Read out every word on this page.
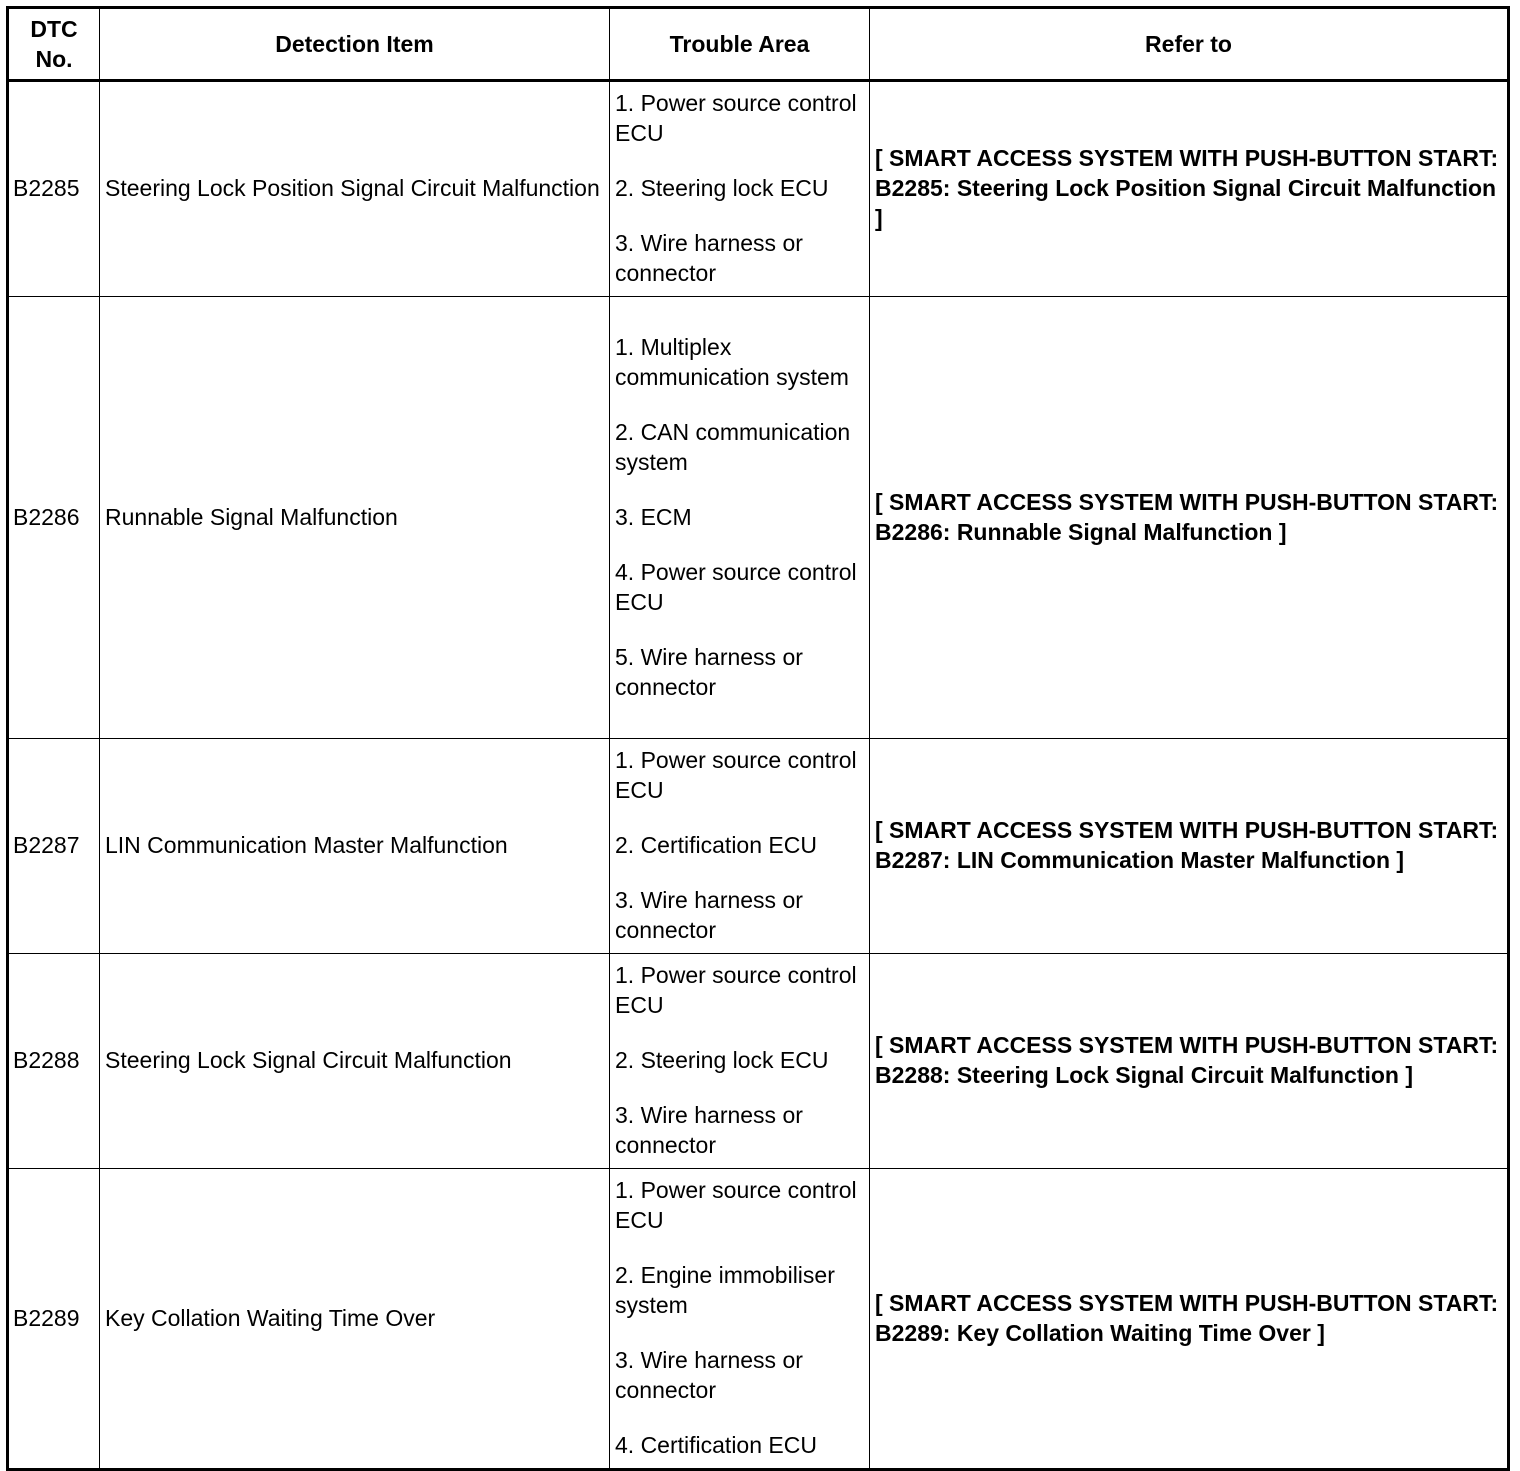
DTC No.	Detection Item	Trouble Area	Refer to
B2285	Steering Lock Position Signal Circuit Malfunction	1. Power source control ECU
2. Steering lock ECU
3. Wire harness or connector	[ SMART ACCESS SYSTEM WITH PUSH-BUTTON START: B2285: Steering Lock Position Signal Circuit Malfunction ]
B2286	Runnable Signal Malfunction	1. Multiplex communication system
2. CAN communication system
3. ECM
4. Power source control ECU
5. Wire harness or connector	[ SMART ACCESS SYSTEM WITH PUSH-BUTTON START: B2286: Runnable Signal Malfunction ]
B2287	LIN Communication Master Malfunction	1. Power source control ECU
2. Certification ECU
3. Wire harness or connector	[ SMART ACCESS SYSTEM WITH PUSH-BUTTON START: B2287: LIN Communication Master Malfunction ]
B2288	Steering Lock Signal Circuit Malfunction	1. Power source control ECU
2. Steering lock ECU
3. Wire harness or connector	[ SMART ACCESS SYSTEM WITH PUSH-BUTTON START: B2288: Steering Lock Signal Circuit Malfunction ]
B2289	Key Collation Waiting Time Over	1. Power source control ECU
2. Engine immobiliser system
3. Wire harness or connector
4. Certification ECU	[ SMART ACCESS SYSTEM WITH PUSH-BUTTON START: B2289: Key Collation Waiting Time Over ]
